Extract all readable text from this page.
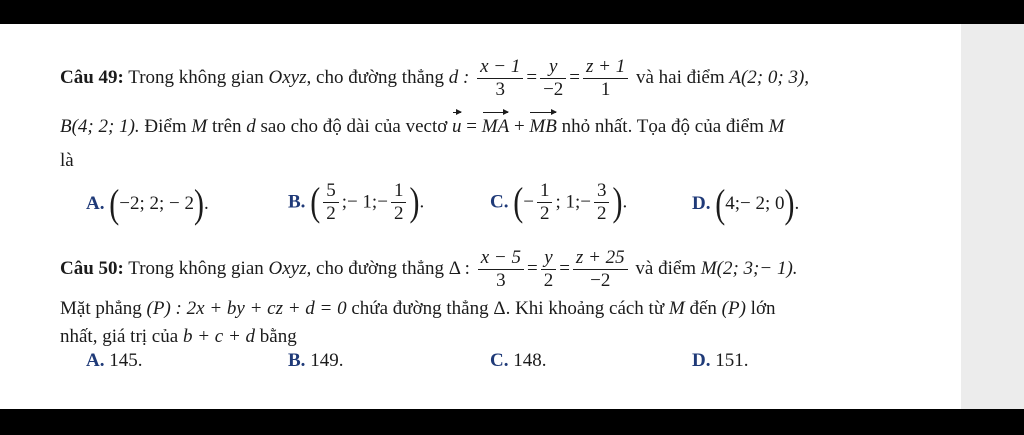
Câu 49: Trong không gian Oxyz, cho đường thẳng d : $\frac{x - 1}{3} = \frac{y}{-2} = \frac{z + 1}{1}$ và hai điểm A(2; 0; 3),
B(4; 2; 1). Điểm M trên d sao cho độ dài của vectơ u = MA + MB nhỏ nhất. Tọa độ của điểm M
là
A. (−2; 2; − 2).	B. ( $\frac{5}{2}$ ;− 1;− $\frac{1}{2}$ ).	C. (− $\frac{1}{2}$ ; 1;− $\frac{3}{2}$ ).	D. (4;− 2; 0).
Câu 50: Trong không gian Oxyz, cho đường thẳng Δ : $\frac{x - 5}{3} = \frac{y}{2} = \frac{z + 25}{-2}$ và điểm M(2; 3;− 1).
Mặt phẳng (P) : 2x + by + cz + d = 0 chứa đường thẳng Δ. Khi khoảng cách từ M đến (P) lớn
nhất, giá trị của b + c + d bằng
A. 145.	B. 149.	C. 148.	D. 151.
